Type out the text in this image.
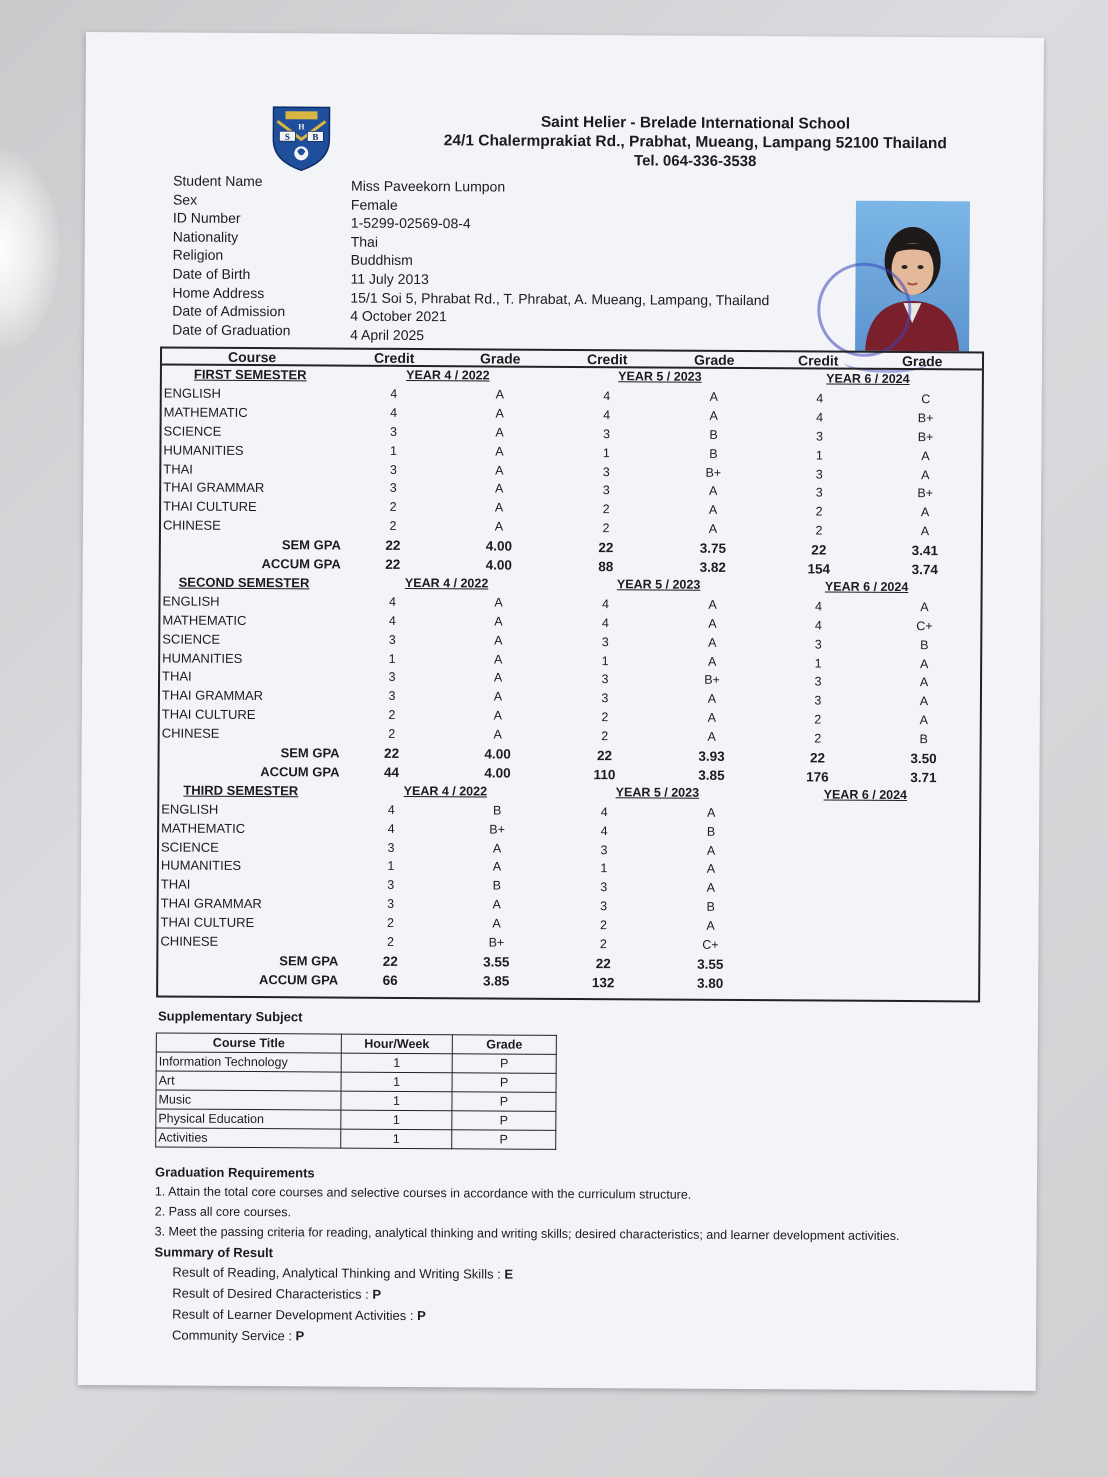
S
H
B
Saint Helier - Brelade International School
24/1 Chalermprakiat Rd., Prabhat, Mueang, Lampang 52100 Thailand
Tel. 064-336-3538
Course	Credit	Grade	Credit	Grade	Credit	Grade
FIRST SEMESTER	YEAR 4 / 2022	YEAR 5 / 2023	YEAR 6 / 2024
ENGLISH	4	A	4	A	4	C
MATHEMATIC	4	A	4	A	4	B+
SCIENCE	3	A	3	B	3	B+
HUMANITIES	1	A	1	B	1	A
THAI	3	A	3	B+	3	A
THAI GRAMMAR	3	A	3	A	3	B+
THAI CULTURE	2	A	2	A	2	A
CHINESE	2	A	2	A	2	A
SEM GPA	22	4.00	22	3.75	22	3.41
ACCUM GPA	22	4.00	88	3.82	154	3.74
SECOND SEMESTER	YEAR 4 / 2022	YEAR 5 / 2023	YEAR 6 / 2024
ENGLISH	4	A	4	A	4	A
MATHEMATIC	4	A	4	A	4	C+
SCIENCE	3	A	3	A	3	B
HUMANITIES	1	A	1	A	1	A
THAI	3	A	3	B+	3	A
THAI GRAMMAR	3	A	3	A	3	A
THAI CULTURE	2	A	2	A	2	A
CHINESE	2	A	2	A	2	B
SEM GPA	22	4.00	22	3.93	22	3.50
ACCUM GPA	44	4.00	110	3.85	176	3.71
THIRD SEMESTER	YEAR 4 / 2022	YEAR 5 / 2023	YEAR 6 / 2024
ENGLISH	4	B	4	A
MATHEMATIC	4	B+	4	B
SCIENCE	3	A	3	A
HUMANITIES	1	A	1	A
THAI	3	B	3	A
THAI GRAMMAR	3	A	3	B
THAI CULTURE	2	A	2	A
CHINESE	2	B+	2	C+
SEM GPA	22	3.55	22	3.55
ACCUM GPA	66	3.85	132	3.80
Supplementary Subject
Course Title	Hour/Week	Grade
Information Technology	1	P
Art	1	P
Music	1	P
Physical Education	1	P
Activities	1	P
Graduation Requirements
1. Attain the total core courses and selective courses in accordance with the curriculum structure.
2. Pass all core courses.
3. Meet the passing criteria for reading, analytical thinking and writing skills; desired characteristics; and learner development activities.
Summary of Result
Result of Reading, Analytical Thinking and Writing Skills : E
Result of Desired Characteristics : P
Result of Learner Development Activities : P
Community Service : P
Student Name	Miss Paveekorn Lumpon
Sex	Female
ID Number	1-5299-02569-08-4
Nationality	Thai
Religion	Buddhism
Date of Birth	11 July 2013
Home Address	15/1 Soi 5, Phrabat Rd., T. Phrabat, A. Mueang, Lampang, Thailand
Date of Admission	4 October 2021
Date of Graduation	4 April 2025
